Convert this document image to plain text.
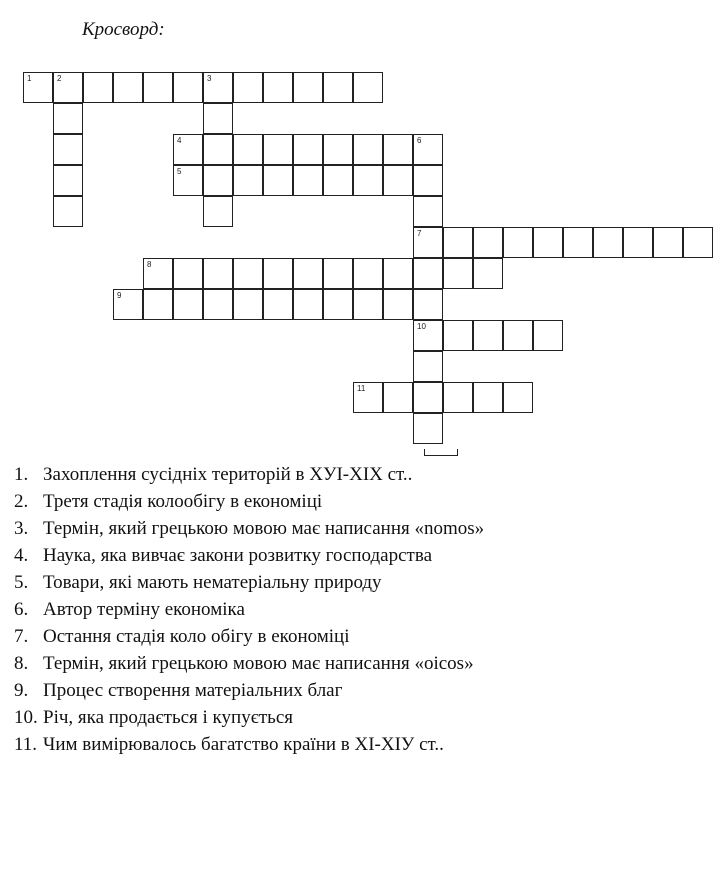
Кросворд:
1	2	3
4	6
5
7
8
9
10
11
1. Захоплення сусідніх територій в ХУІ-ХІХ ст..
2. Третя стадія колообігу в економіці
3. Термін, який грецькою мовою має написання «nomos»
4. Наука, яка вивчає закони розвитку господарства
5. Товари, які мають нематеріальну природу
6. Автор терміну економіка
7. Остання стадія коло обігу в економіці
8. Термін, який грецькою мовою має написання «oicos»
9. Процес створення матеріальних благ
10. Річ, яка продається і купується
11. Чим вимірювалось багатство країни в ХІ-ХІУ ст..
